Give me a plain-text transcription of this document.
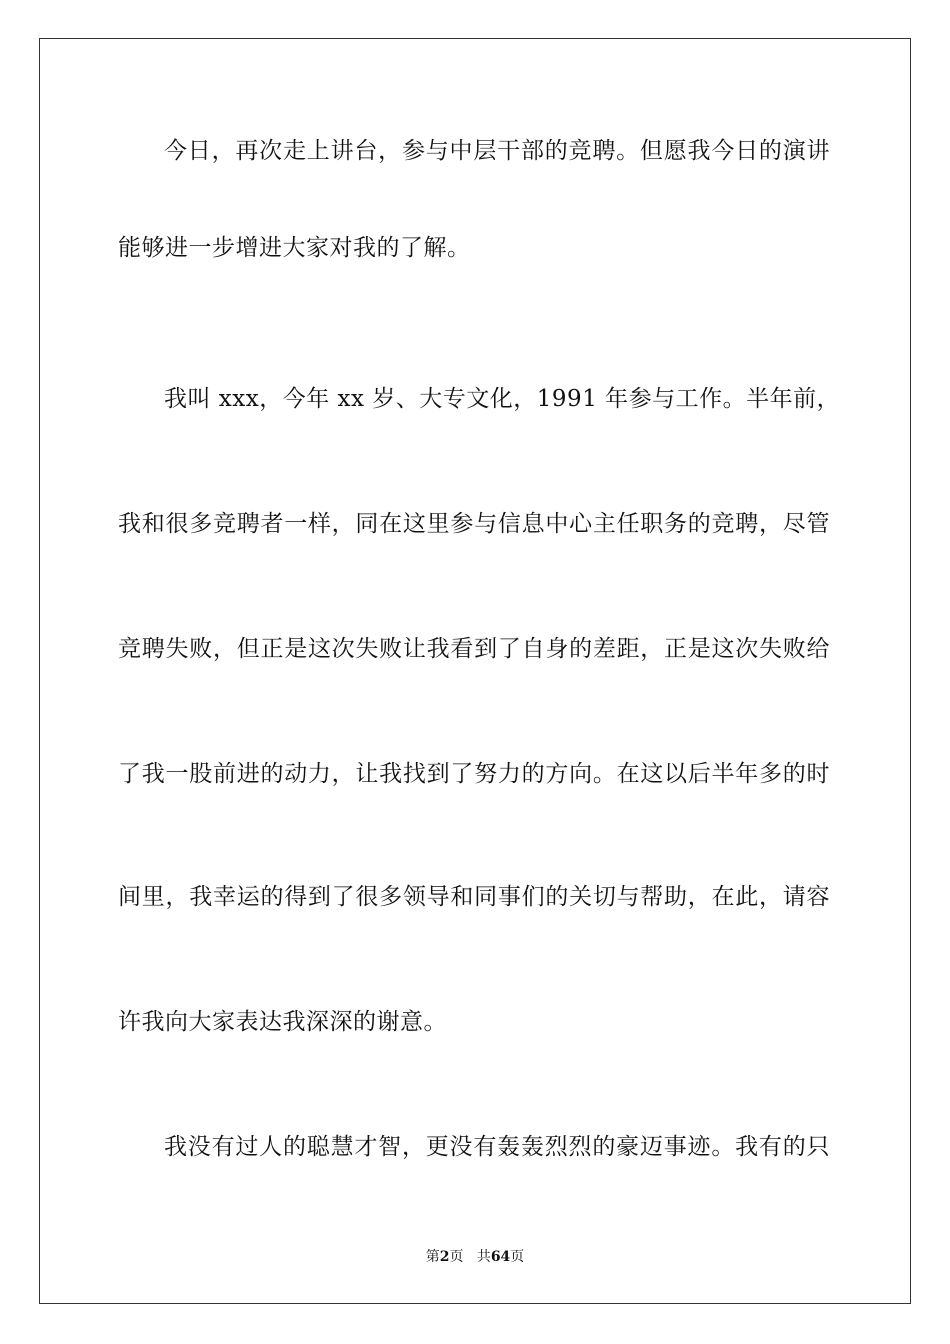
今日，再次走上讲台，参与中层干部的竞聘。但愿我今日的演讲
能够进一步增进大家对我的了解。
我叫 xxx，今年 xx 岁、大专文化，1991 年参与工作。半年前，
我和很多竞聘者一样，同在这里参与信息中心主任职务的竞聘，尽管
竞聘失败，但正是这次失败让我看到了自身的差距，正是这次失败给
了我一股前进的动力，让我找到了努力的方向。在这以后半年多的时
间里，我幸运的得到了很多领导和同事们的关切与帮助，在此，请容
许我向大家表达我深深的谢意。
我没有过人的聪慧才智，更没有轰轰烈烈的豪迈事迹。我有的只
第2页 共64页
